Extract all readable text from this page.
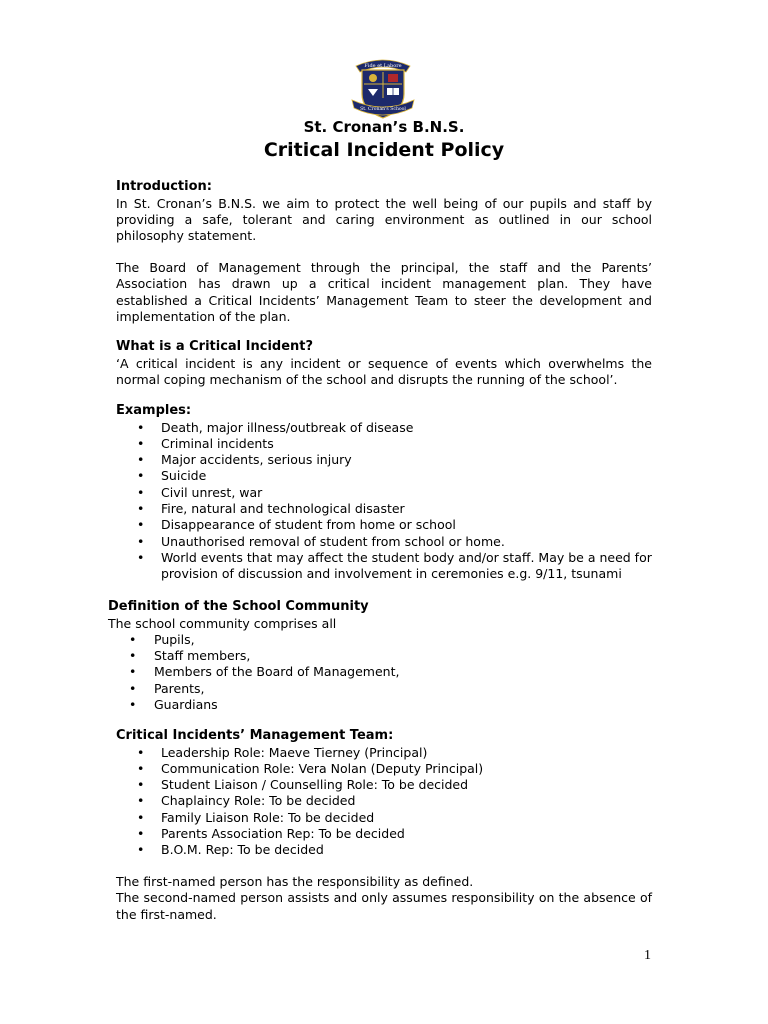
Fide et Labore
St. Cronan's School
St. Cronan’s B.N.S.
Critical Incident Policy
Introduction:

In St. Cronan’s B.N.S. we aim to protect the well being of our pupils and staff by providing a safe, tolerant and caring environment as outlined in our school philosophy statement.

The Board of Management through the principal, the staff and the Parents’ Association has drawn up a critical incident management plan. They have established a Critical Incidents’ Management Team to steer the development and implementation of the plan.

What is a Critical Incident?

‘A critical incident is any incident or sequence of events which overwhelms the normal coping mechanism of the school and disrupts the running of the school’.

Examples:
• Death, major illness/outbreak of disease
• Criminal incidents
• Major accidents, serious injury
• Suicide
• Civil unrest, war
• Fire, natural and technological disaster
• Disappearance of student from home or school
• Unauthorised removal of student from school or home.
• World events that may affect the student body and/or staff. May be a need for provision of discussion and involvement in ceremonies e.g. 9/11, tsunami
Definition of the School Community

The school community comprises all

• Pupils,
• Staff members,
• Members of the Board of Management,
• Parents,
• Guardians
Critical Incidents’ Management Team:
• Leadership Role: Maeve Tierney (Principal)
• Communication Role: Vera Nolan (Deputy Principal)
• Student Liaison / Counselling Role: To be decided
• Chaplaincy Role: To be decided
• Family Liaison Role: To be decided
• Parents Association Rep: To be decided
• B.O.M. Rep: To be decided

The first-named person has the responsibility as defined.

The second-named person assists and only assumes responsibility on the absence of the first-named.

1
